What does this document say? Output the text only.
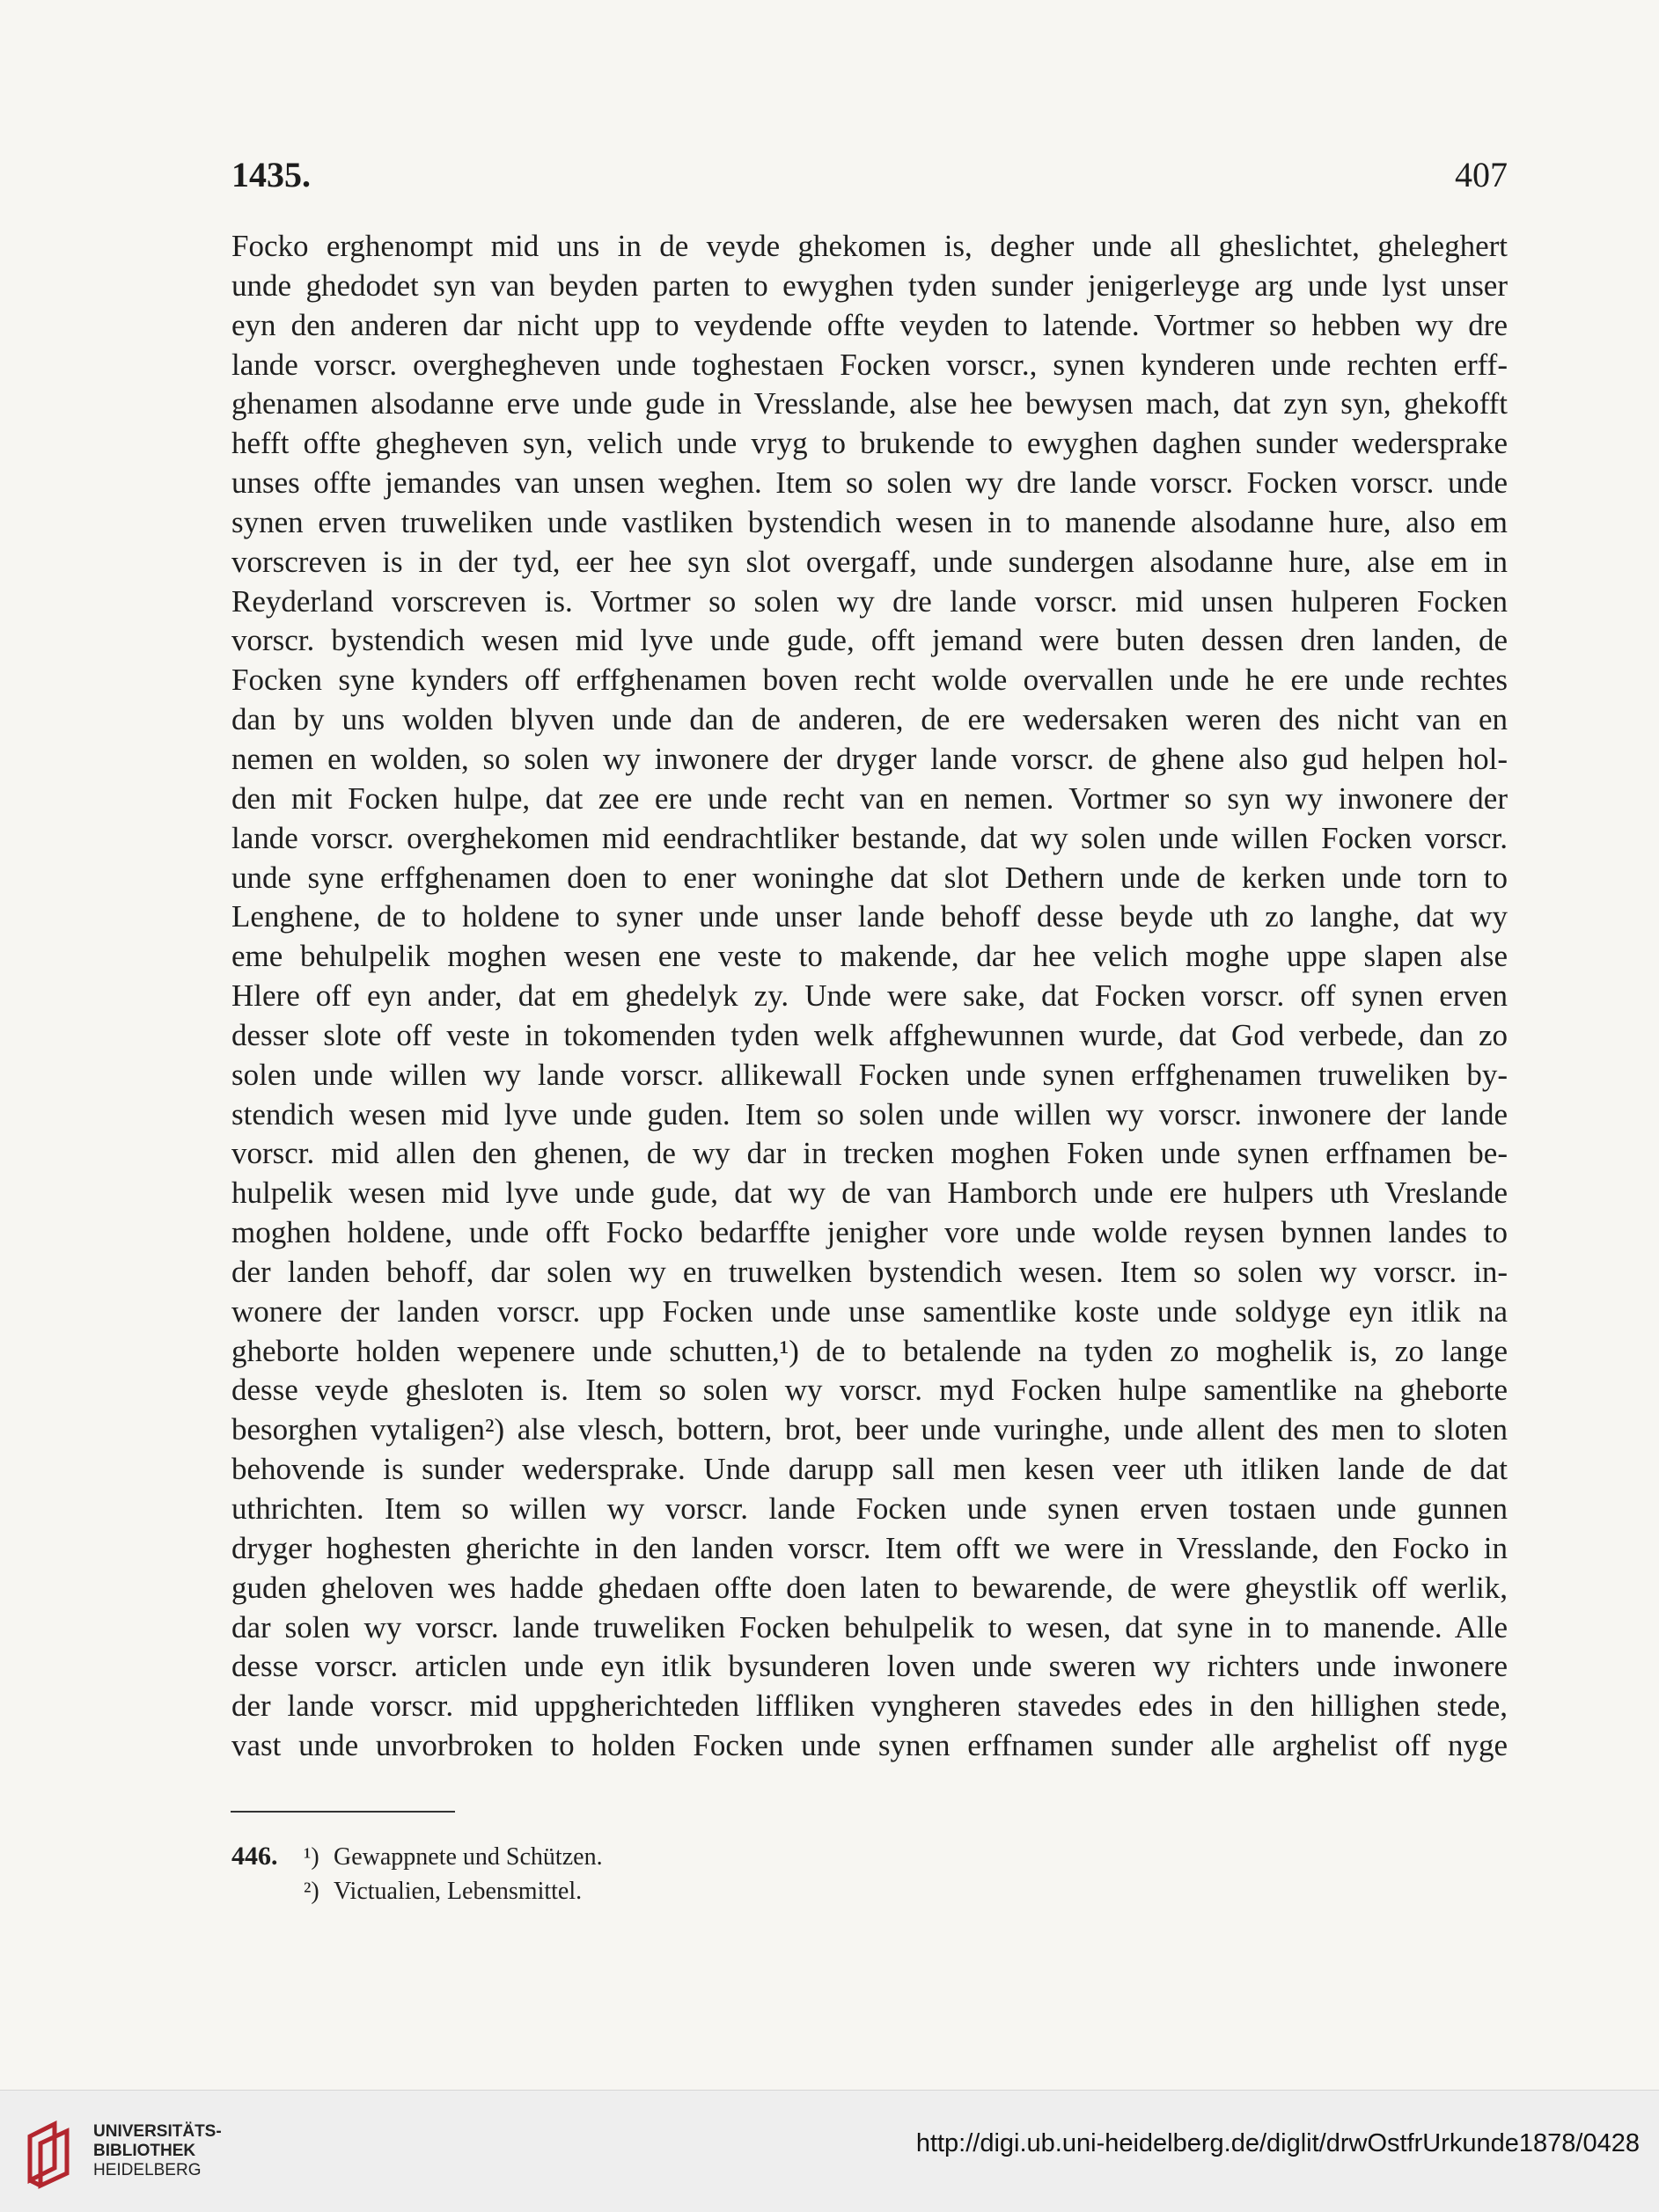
1435.	407
Focko erghenompt mid uns in de veyde ghekomen is, degher unde all gheslichtet, gheleghert
unde ghedodet syn van beyden parten to ewyghen tyden sunder jenigerleyge arg unde lyst unser
eyn den anderen dar nicht upp to veydende offte veyden to latende. Vortmer so hebben wy dre
lande vorscr. overghegheven unde toghestaen Focken vorscr., synen kynderen unde rechten erff-
ghenamen alsodanne erve unde gude in Vresslande, alse hee bewysen mach, dat zyn syn, ghekofft
hefft offte ghegheven syn, velich unde vryg to brukende to ewyghen daghen sunder wedersprake
unses offte jemandes van unsen weghen. Item so solen wy dre lande vorscr. Focken vorscr. unde
synen erven truweliken unde vastliken bystendich wesen in to manende alsodanne hure, also em
vorscreven is in der tyd, eer hee syn slot overgaff, unde sundergen alsodanne hure, alse em in
Reyderland vorscreven is. Vortmer so solen wy dre lande vorscr. mid unsen hulperen Focken
vorscr. bystendich wesen mid lyve unde gude, offt jemand were buten dessen dren landen, de
Focken syne kynders off erffghenamen boven recht wolde overvallen unde he ere unde rechtes
dan by uns wolden blyven unde dan de anderen, de ere wedersaken weren des nicht van en
nemen en wolden, so solen wy inwonere der dryger lande vorscr. de ghene also gud helpen hol-
den mit Focken hulpe, dat zee ere unde recht van en nemen. Vortmer so syn wy inwonere der
lande vorscr. overghekomen mid eendrachtliker bestande, dat wy solen unde willen Focken vorscr.
unde syne erffghenamen doen to ener woninghe dat slot Dethern unde de kerken unde torn to
Lenghene, de to holdene to syner unde unser lande behoff desse beyde uth zo langhe, dat wy
eme behulpelik moghen wesen ene veste to makende, dar hee velich moghe uppe slapen alse
Hlere off eyn ander, dat em ghedelyk zy. Unde were sake, dat Focken vorscr. off synen erven
desser slote off veste in tokomenden tyden welk affghewunnen wurde, dat God verbede, dan zo
solen unde willen wy lande vorscr. allikewall Focken unde synen erffghenamen truweliken by-
stendich wesen mid lyve unde guden. Item so solen unde willen wy vorscr. inwonere der lande
vorscr. mid allen den ghenen, de wy dar in trecken moghen Foken unde synen erffnamen be-
hulpelik wesen mid lyve unde gude, dat wy de van Hamborch unde ere hulpers uth Vreslande
moghen holdene, unde offt Focko bedarffte jenigher vore unde wolde reysen bynnen landes to
der landen behoff, dar solen wy en truwelken bystendich wesen. Item so solen wy vorscr. in-
wonere der landen vorscr. upp Focken unde unse samentlike koste unde soldyge eyn itlik na
gheborte holden wepenere unde schutten,¹) de to betalende na tyden zo moghelik is, zo lange
desse veyde ghesloten is. Item so solen wy vorscr. myd Focken hulpe samentlike na gheborte
besorghen vytaligen²) alse vlesch, bottern, brot, beer unde vuringhe, unde allent des men to sloten
behovende is sunder wedersprake. Unde darupp sall men kesen veer uth itliken lande de dat
uthrichten. Item so willen wy vorscr. lande Focken unde synen erven tostaen unde gunnen
dryger hoghesten gherichte in den landen vorscr. Item offt we were in Vresslande, den Focko in
guden gheloven wes hadde ghedaen offte doen laten to bewarende, de were gheystlik off werlik,
dar solen wy vorscr. lande truweliken Focken behulpelik to wesen, dat syne in to manende. Alle
desse vorscr. articlen unde eyn itlik bysunderen loven unde sweren wy richters unde inwonere
der lande vorscr. mid uppgherichteden liffliken vyngheren stavedes edes in den hillighen stede,
vast unde unvorbroken to holden Focken unde synen erffnamen sunder alle arghelist off nyge
446. ¹) Gewappnete und Schützen.
²) Victualien, Lebensmittel.
UNIVERSITÄTS-
BIBLIOTHEK
HEIDELBERG
http://digi.ub.uni-heidelberg.de/diglit/drwOstfrUrkunde1878/0428
